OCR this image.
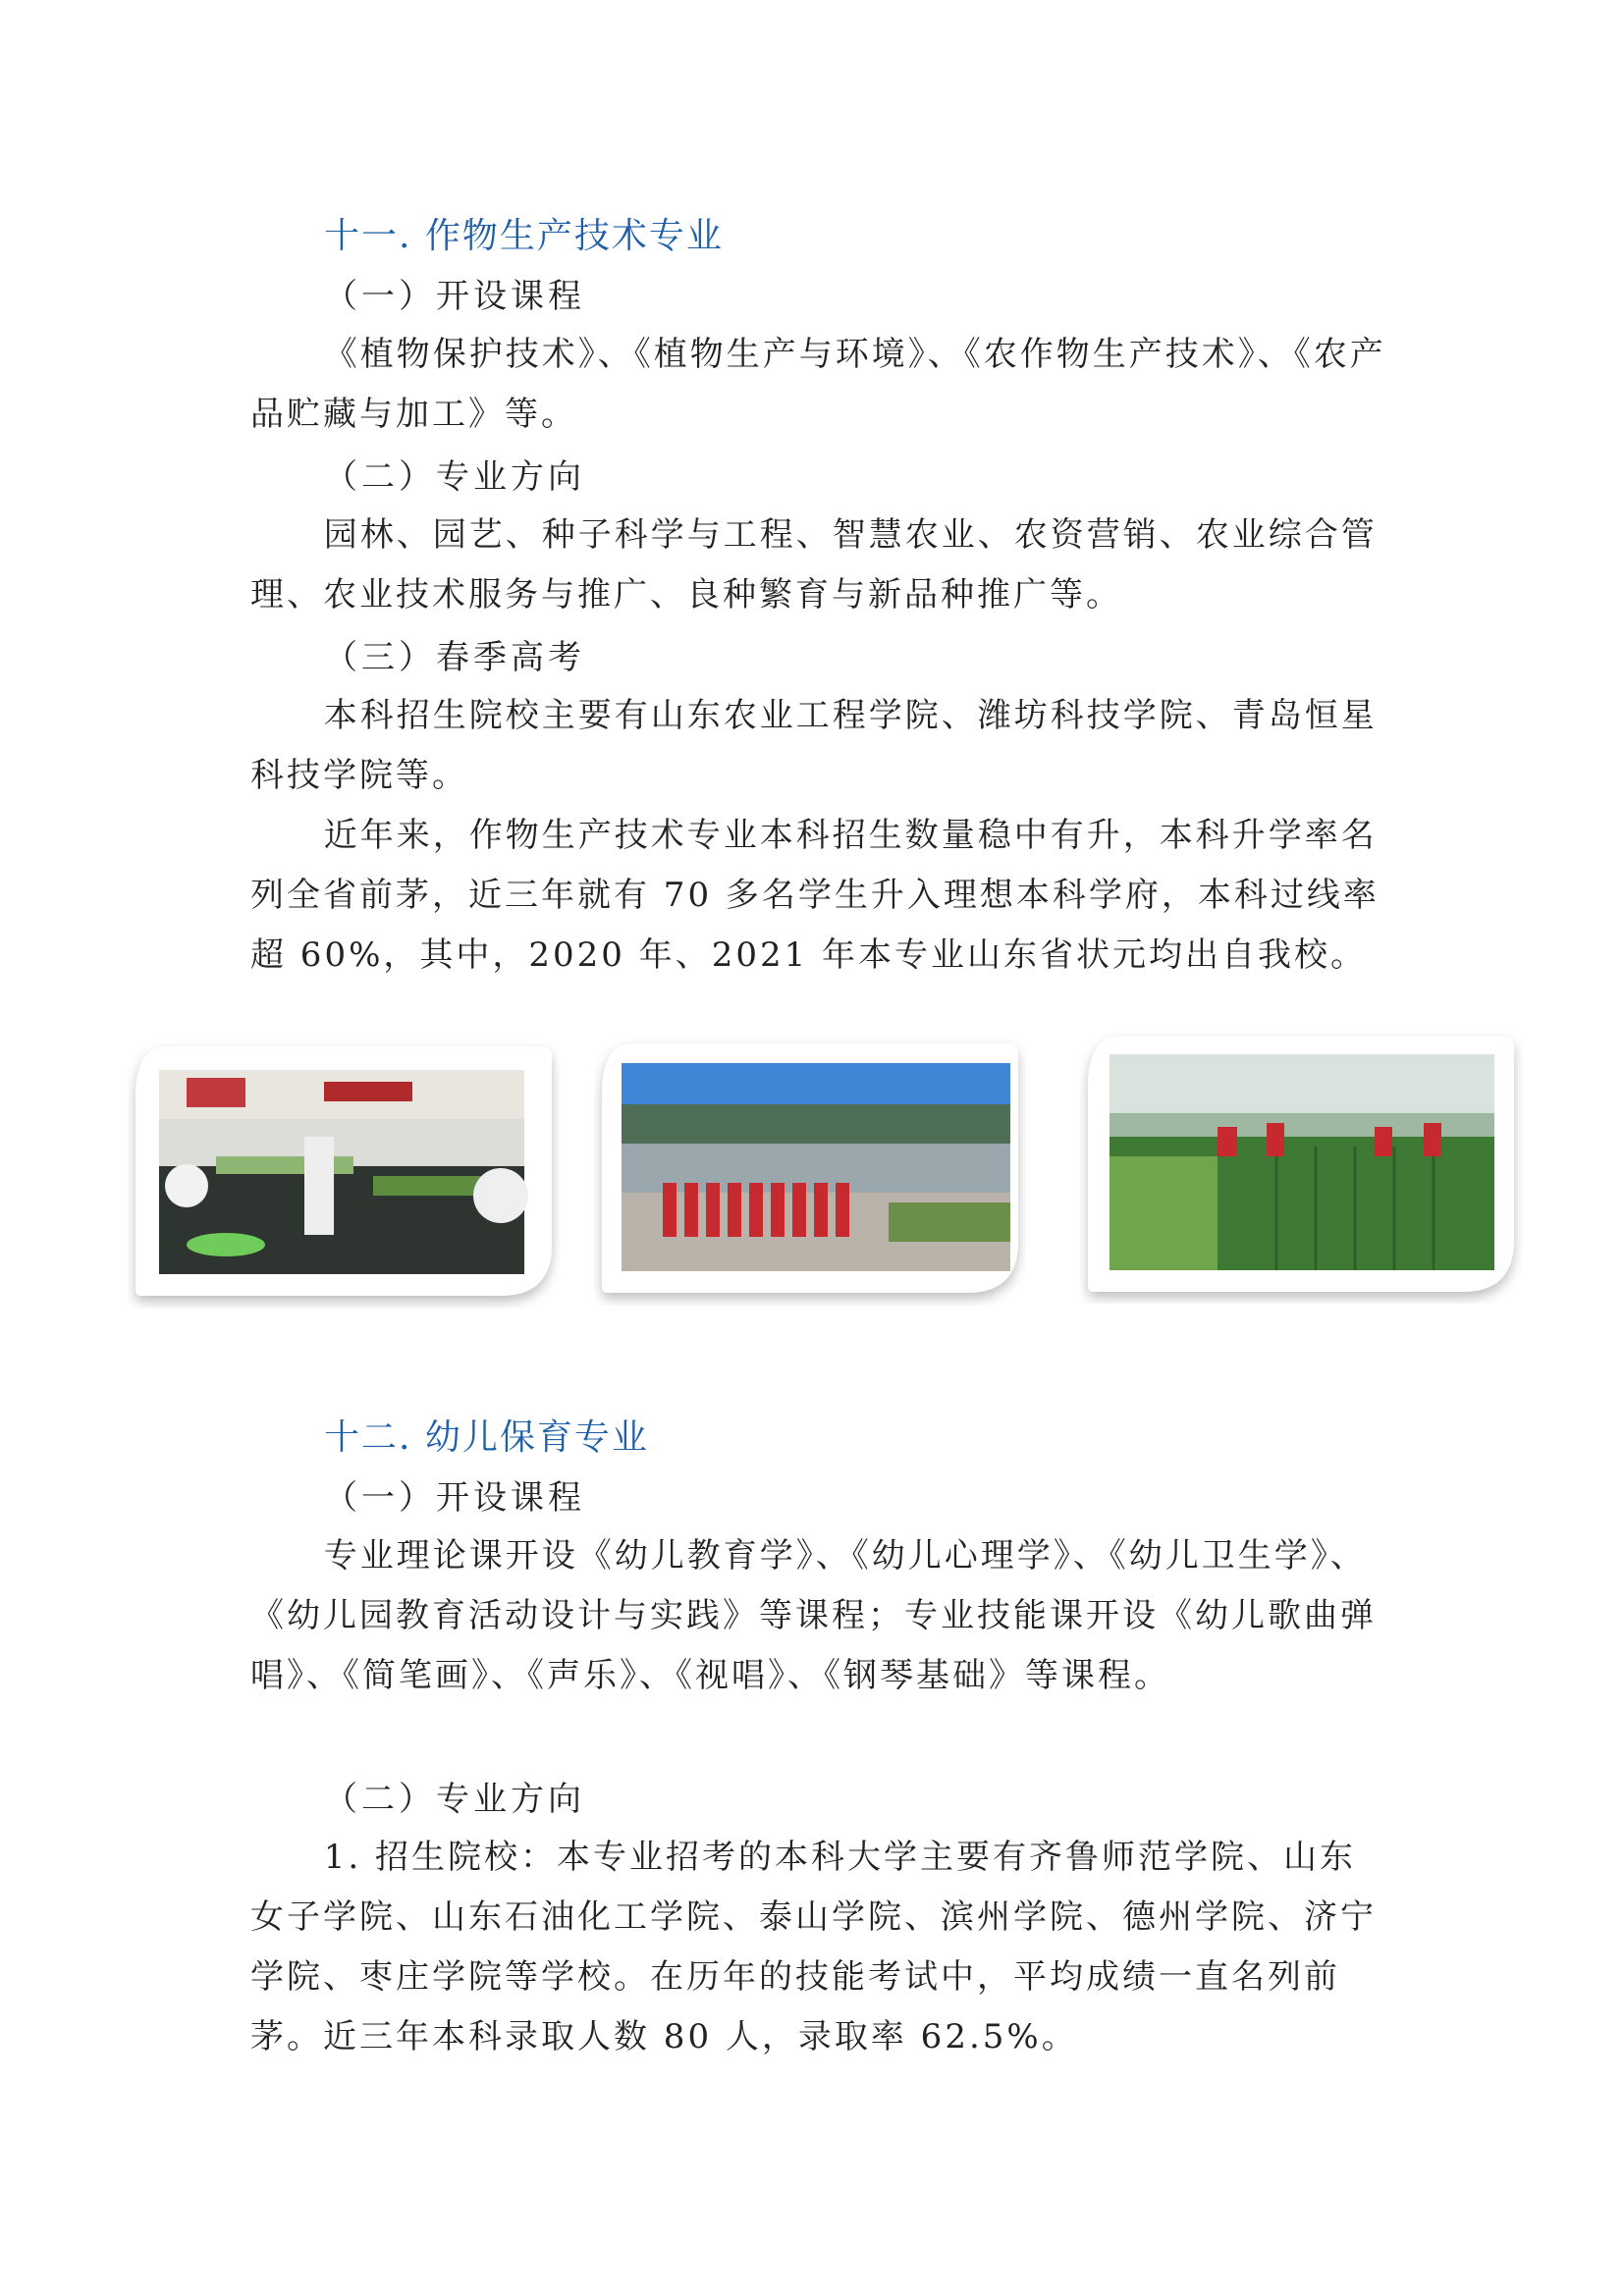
十一. 作物生产技术专业
（一）开设课程

《植物保护技术》、《植物生产与环境》、《农作物生产技术》、《农产品贮藏与加工》等。

（二）专业方向

园林、园艺、种子科学与工程、智慧农业、农资营销、农业综合管理、农业技术服务与推广、良种繁育与新品种推广等。

（三）春季高考

本科招生院校主要有山东农业工程学院、潍坊科技学院、青岛恒星科技学院等。

近年来，作物生产技术专业本科招生数量稳中有升，本科升学率名列全省前茅，近三年就有 70 多名学生升入理想本科学府，本科过线率超 60%，其中，2020 年、2021 年本专业山东省状元均出自我校。

十二. 幼儿保育专业
（一）开设课程

专业理论课开设《幼儿教育学》、《幼儿心理学》、《幼儿卫生学》、《幼儿园教育活动设计与实践》等课程；专业技能课开设《幼儿歌曲弹唱》、《简笔画》、《声乐》、《视唱》、《钢琴基础》等课程。

（二）专业方向

1. 招生院校：本专业招考的本科大学主要有齐鲁师范学院、山东女子学院、山东石油化工学院、泰山学院、滨州学院、德州学院、济宁学院、枣庄学院等学校。在历年的技能考试中，平均成绩一直名列前茅。近三年本科录取人数 80 人，录取率 62.5%。
